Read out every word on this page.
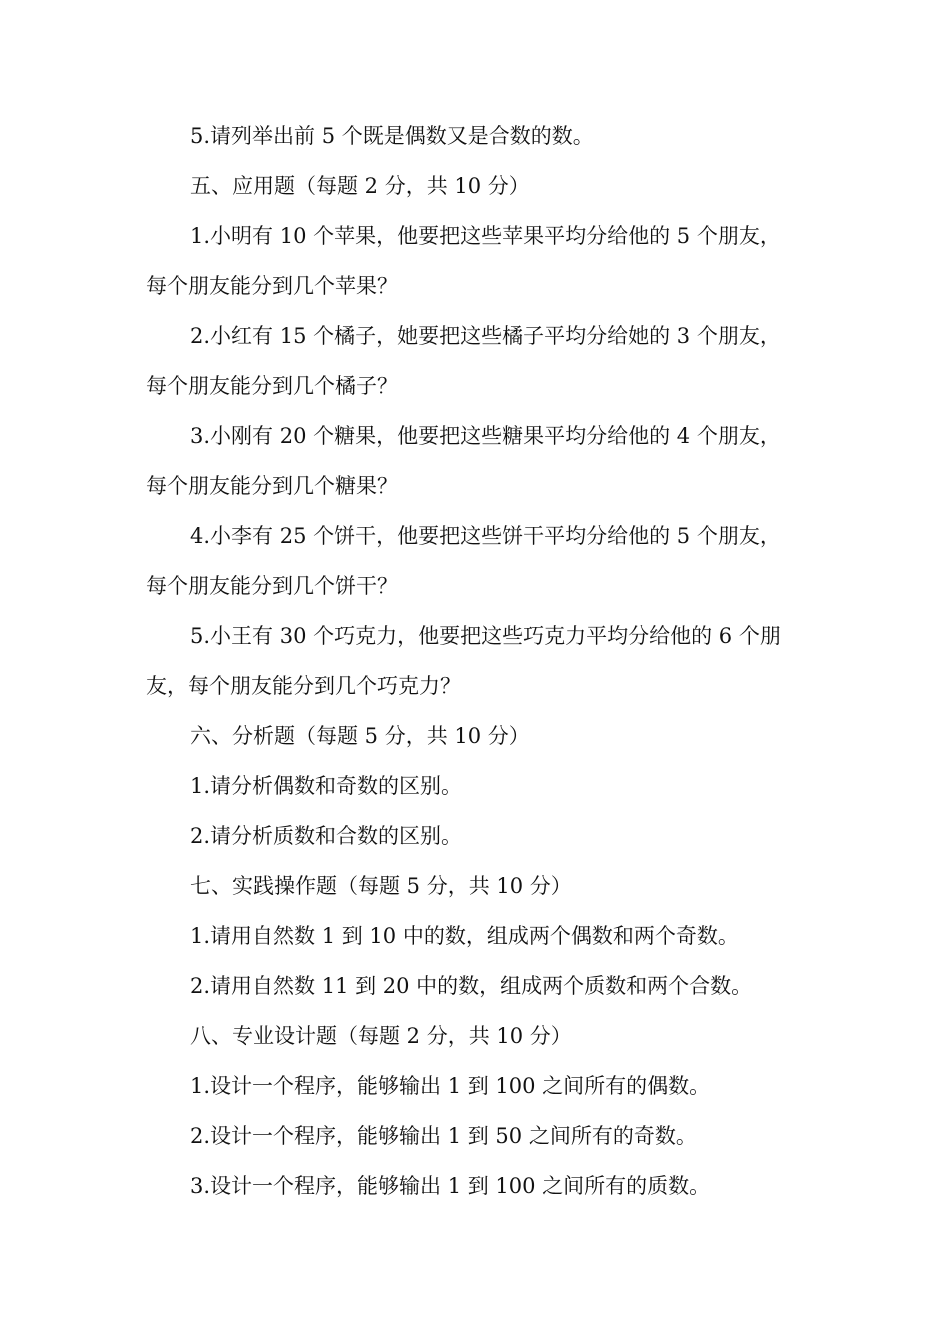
5.请列举出前 5 个既是偶数又是合数的数。
五、应用题（每题 2 分，共 10 分）
1.小明有 10 个苹果，他要把这些苹果平均分给他的 5 个朋友，
每个朋友能分到几个苹果？
2.小红有 15 个橘子，她要把这些橘子平均分给她的 3 个朋友，
每个朋友能分到几个橘子？
3.小刚有 20 个糖果，他要把这些糖果平均分给他的 4 个朋友，
每个朋友能分到几个糖果？
4.小李有 25 个饼干，他要把这些饼干平均分给他的 5 个朋友，
每个朋友能分到几个饼干？
5.小王有 30 个巧克力，他要把这些巧克力平均分给他的 6 个朋
友，每个朋友能分到几个巧克力？
六、分析题（每题 5 分，共 10 分）
1.请分析偶数和奇数的区别。
2.请分析质数和合数的区别。
七、实践操作题（每题 5 分，共 10 分）
1.请用自然数 1 到 10 中的数，组成两个偶数和两个奇数。
2.请用自然数 11 到 20 中的数，组成两个质数和两个合数。
八、专业设计题（每题 2 分，共 10 分）
1.设计一个程序，能够输出 1 到 100 之间所有的偶数。
2.设计一个程序，能够输出 1 到 50 之间所有的奇数。
3.设计一个程序，能够输出 1 到 100 之间所有的质数。
